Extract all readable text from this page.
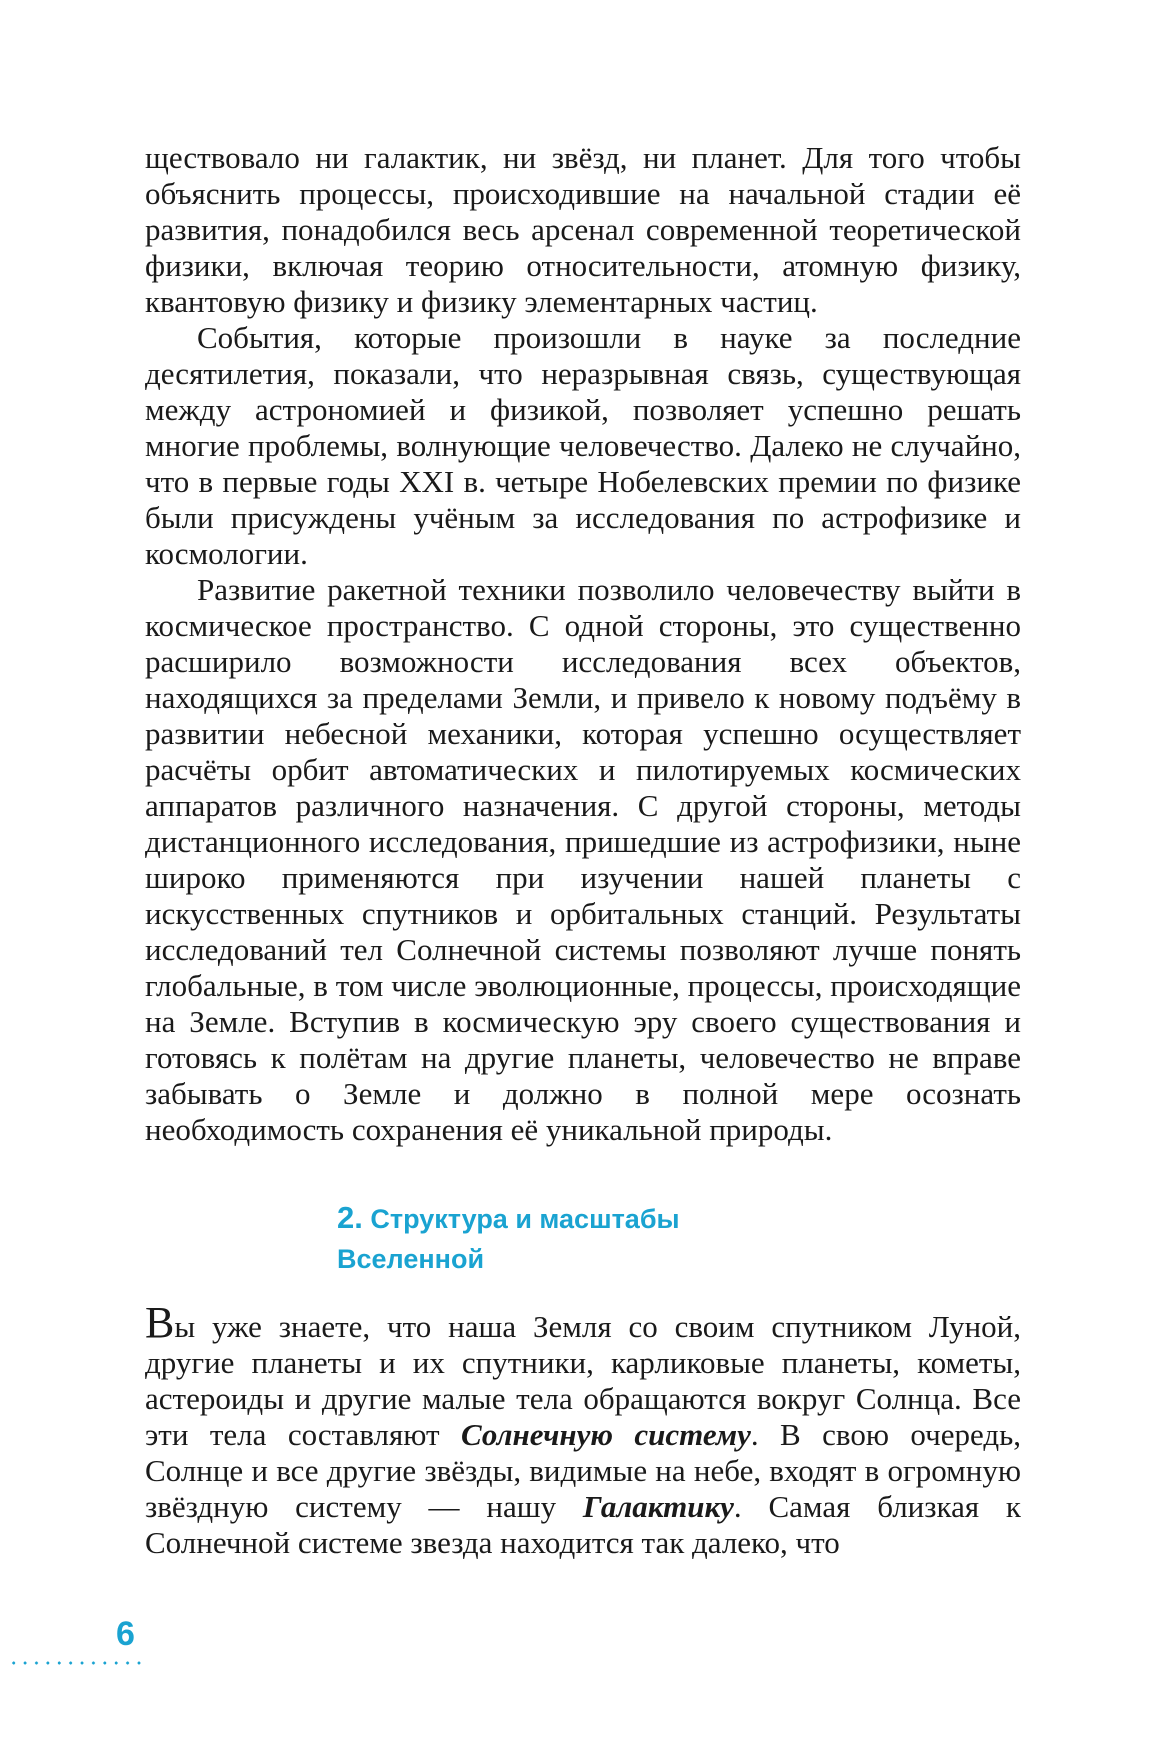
ществовало ни галактик, ни звёзд, ни планет. Для того чтобы объяснить процессы, происходившие на начальной стадии её развития, понадобился весь арсенал современной теоретической физики, включая теорию относительности, атомную физику, квантовую физику и физику элементарных частиц.

События, которые произошли в науке за последние десятилетия, показали, что неразрывная связь, существующая между астрономией и физикой, позволяет успешно решать многие проблемы, волнующие человечество. Далеко не случайно, что в первые годы XXI в. четыре Нобелевских премии по физике были присуждены учёным за исследования по астрофизике и космологии.

Развитие ракетной техники позволило человечеству выйти в космическое пространство. С одной стороны, это существенно расширило возможности исследования всех объектов, находящихся за пределами Земли, и привело к новому подъёму в развитии небесной механики, которая успешно осуществляет расчёты орбит автоматических и пилотируемых космических аппаратов различного назначения. С другой стороны, методы дистанционного исследования, пришедшие из астрофизики, ныне широко применяются при изучении нашей планеты с искусственных спутников и орбитальных станций. Результаты исследований тел Солнечной системы позволяют лучше понять глобальные, в том числе эволюционные, процессы, происходящие на Земле. Вступив в космическую эру своего существования и готовясь к полётам на другие планеты, человечество не вправе забывать о Земле и должно в полной мере осознать необходимость сохранения её уникальной природы.

2. Структура и масштабы
Вселенной

Вы уже знаете, что наша Земля со своим спутником Луной, другие планеты и их спутники, карликовые планеты, кометы, астероиды и другие малые тела обращаются вокруг Солнца. Все эти тела составляют Солнечную систему. В свою очередь, Солнце и все другие звёзды, видимые на небе, входят в огромную звёздную систему — нашу Галактику. Самая близкая к Солнечной системе звезда находится так далеко, что

6
